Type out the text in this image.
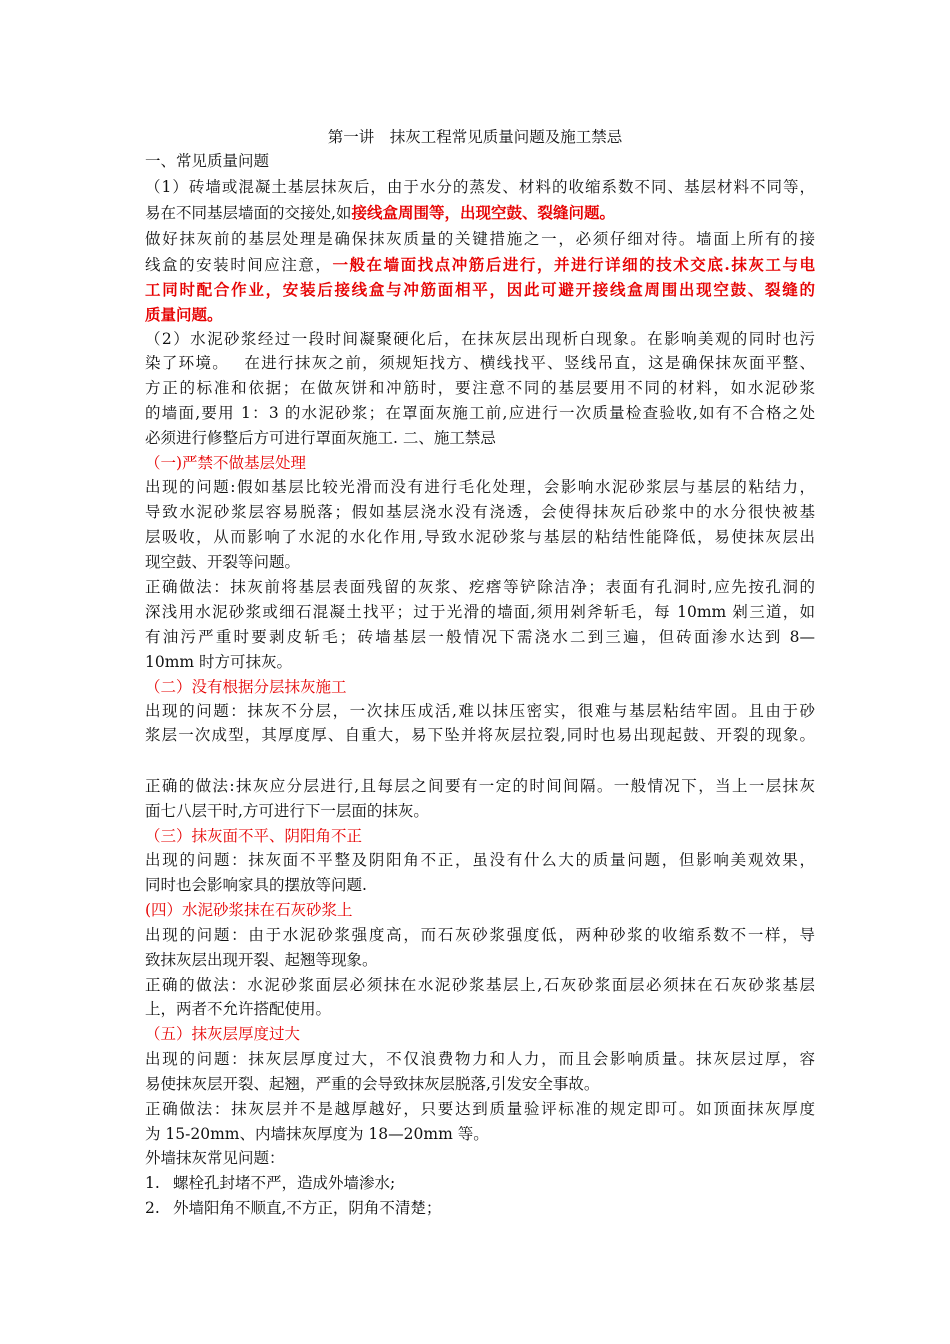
第一讲　抹灰工程常见质量问题及施工禁忌
一、常见质量问题
（1）砖墙或混凝土基层抹灰后，由于水分的蒸发、材料的收缩系数不同、基层材料不同等，
易在不同基层墙面的交接处,如接线盒周围等，出现空鼓、裂缝问题。
做好抹灰前的基层处理是确保抹灰质量的关键措施之一，必须仔细对待。墙面上所有的接
线盒的安装时间应注意，一般在墙面找点冲筋后进行，并进行详细的技术交底.抹灰工与电
工同时配合作业，安装后接线盒与冲筋面相平，因此可避开接线盒周围出现空鼓、裂缝的
质量问题。
（2）水泥砂浆经过一段时间凝聚硬化后，在抹灰层出现析白现象。在影响美观的同时也污
染了环境。　 在进行抹灰之前，须规矩找方、横线找平、竖线吊直，这是确保抹灰面平整、
方正的标准和依据；在做灰饼和冲筋时，要注意不同的基层要用不同的材料，如水泥砂浆
的墙面,要用 1：3 的水泥砂浆；在罩面灰施工前,应进行一次质量检查验收,如有不合格之处
必须进行修整后方可进行罩面灰施工. 二、施工禁忌
（一)严禁不做基层处理
出现的问题:假如基层比较光滑而没有进行毛化处理，会影响水泥砂浆层与基层的粘结力，
导致水泥砂浆层容易脱落；假如基层浇水没有浇透，会使得抹灰后砂浆中的水分很快被基
层吸收，从而影响了水泥的水化作用,导致水泥砂浆与基层的粘结性能降低，易使抹灰层出
现空鼓、开裂等问题。
正确做法：抹灰前将基层表面残留的灰浆、疙瘩等铲除洁净；表面有孔洞时,应先按孔洞的
深浅用水泥砂浆或细石混凝土找平；过于光滑的墙面,须用剁斧斩毛，每 10mm 剁三道，如
有油污严重时要剥皮斩毛；砖墙基层一般情况下需浇水二到三遍，但砖面渗水达到 8—
10mm 时方可抹灰。
（二）没有根据分层抹灰施工
出现的问题：抹灰不分层，一次抹压成活,难以抹压密实，很难与基层粘结牢固。且由于砂
浆层一次成型，其厚度厚、自重大，易下坠并将灰层拉裂,同时也易出现起鼓、开裂的现象。
正确的做法:抹灰应分层进行,且每层之间要有一定的时间间隔。一般情况下，当上一层抹灰
面七八层干时,方可进行下一层面的抹灰。
（三）抹灰面不平、阴阳角不正
出现的问题：抹灰面不平整及阴阳角不正，虽没有什么大的质量问题，但影响美观效果，
同时也会影响家具的摆放等问题.
(四）水泥砂浆抹在石灰砂浆上
出现的问题：由于水泥砂浆强度高，而石灰砂浆强度低，两种砂浆的收缩系数不一样，导
致抹灰层出现开裂、起翘等现象。
正确的做法：水泥砂浆面层必须抹在水泥砂浆基层上,石灰砂浆面层必须抹在石灰砂浆基层
上，两者不允许搭配使用。
（五）抹灰层厚度过大
出现的问题：抹灰层厚度过大，不仅浪费物力和人力，而且会影响质量。抹灰层过厚，容
易使抹灰层开裂、起翘，严重的会导致抹灰层脱落,引发安全事故。
正确做法：抹灰层并不是越厚越好，只要达到质量验评标准的规定即可。如顶面抹灰厚度
为 15-20mm、内墙抹灰厚度为 18—20mm 等。
外墙抹灰常见问题：
1. 螺栓孔封堵不严，造成外墙渗水;
2. 外墙阳角不顺直,不方正，阴角不清楚；
